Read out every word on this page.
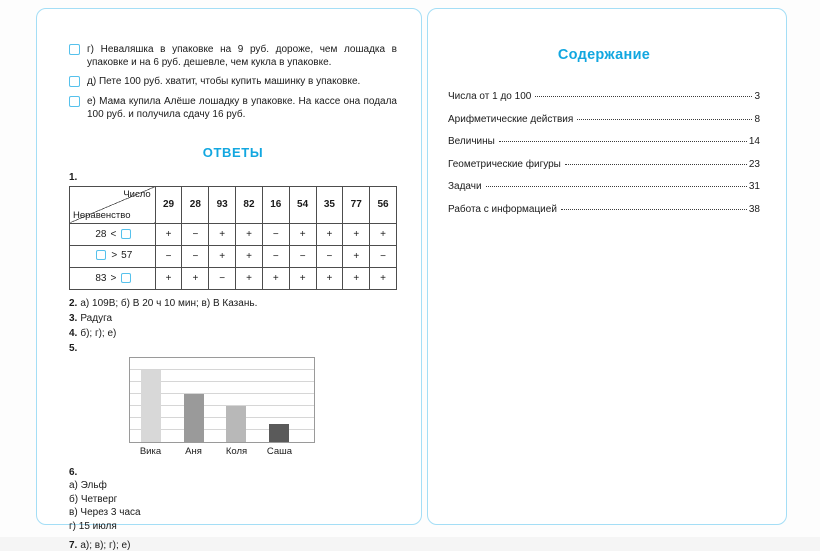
г) Неваляшка в упаковке на 9 руб. дороже, чем лошадка в упаковке и на 6 руб. дешевле, чем кукла в упаковке.
д) Пете 100 руб. хватит, чтобы купить машинку в упаковке.
е) Мама купила Алёше лошадку в упаковке. На кассе она подала 100 руб. и получила сдачу 16 руб.
ОТВЕТЫ
1.
Число
Неравенство	29	28	93	82	16	54	35	77	56

28 <	+	−	+	+	−	+	+	+	+

> 57	−	−	+	+	−	−	−	+	−

83 >	+	+	−	+	+	+	+	+	+
2. а) 109В; б) В 20 ч 10 мин; в) В Казань.
3. Радуга
4. б); г); е)
5.
Вика	Аня	Коля	Саша
6.
а) Эльф
б) Четверг
в) Через 3 часа
г) 15 июля
7. а); в); г); е)
Содержание
Числа от 1 до 100	3
Арифметические действия	8
Величины	14
Геометрические фигуры	23
Задачи	31
Работа с информацией	38
